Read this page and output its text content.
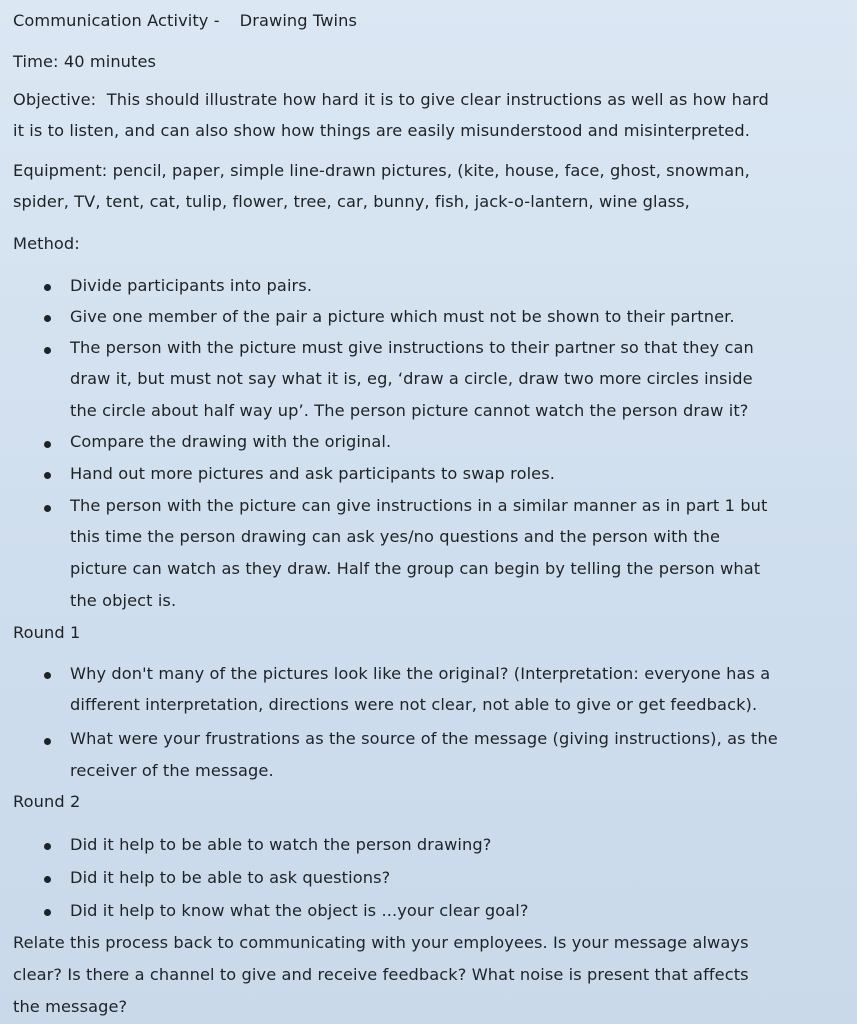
Communication Activity - Drawing Twins
Time: 40 minutes
Objective: This should illustrate how hard it is to give clear instructions as well as how hard
it is to listen, and can also show how things are easily misunderstood and misinterpreted.
Equipment: pencil, paper, simple line-drawn pictures, (kite, house, face, ghost, snowman,
spider, TV, tent, cat, tulip, flower, tree, car, bunny, fish, jack-o-lantern, wine glass,
Method:
Divide participants into pairs.
Give one member of the pair a picture which must not be shown to their partner.
The person with the picture must give instructions to their partner so that they can
draw it, but must not say what it is, eg, ‘draw a circle, draw two more circles inside
the circle about half way up’. The person picture cannot watch the person draw it?
Compare the drawing with the original.
Hand out more pictures and ask participants to swap roles.
The person with the picture can give instructions in a similar manner as in part 1 but
this time the person drawing can ask yes/no questions and the person with the
picture can watch as they draw. Half the group can begin by telling the person what
the object is.
Round 1
Why don't many of the pictures look like the original? (Interpretation: everyone has a
different interpretation, directions were not clear, not able to give or get feedback).
What were your frustrations as the source of the message (giving instructions), as the
receiver of the message.
Round 2
Did it help to be able to watch the person drawing?
Did it help to be able to ask questions?
Did it help to know what the object is ...your clear goal?
Relate this process back to communicating with your employees. Is your message always
clear? Is there a channel to give and receive feedback? What noise is present that affects
the message?
